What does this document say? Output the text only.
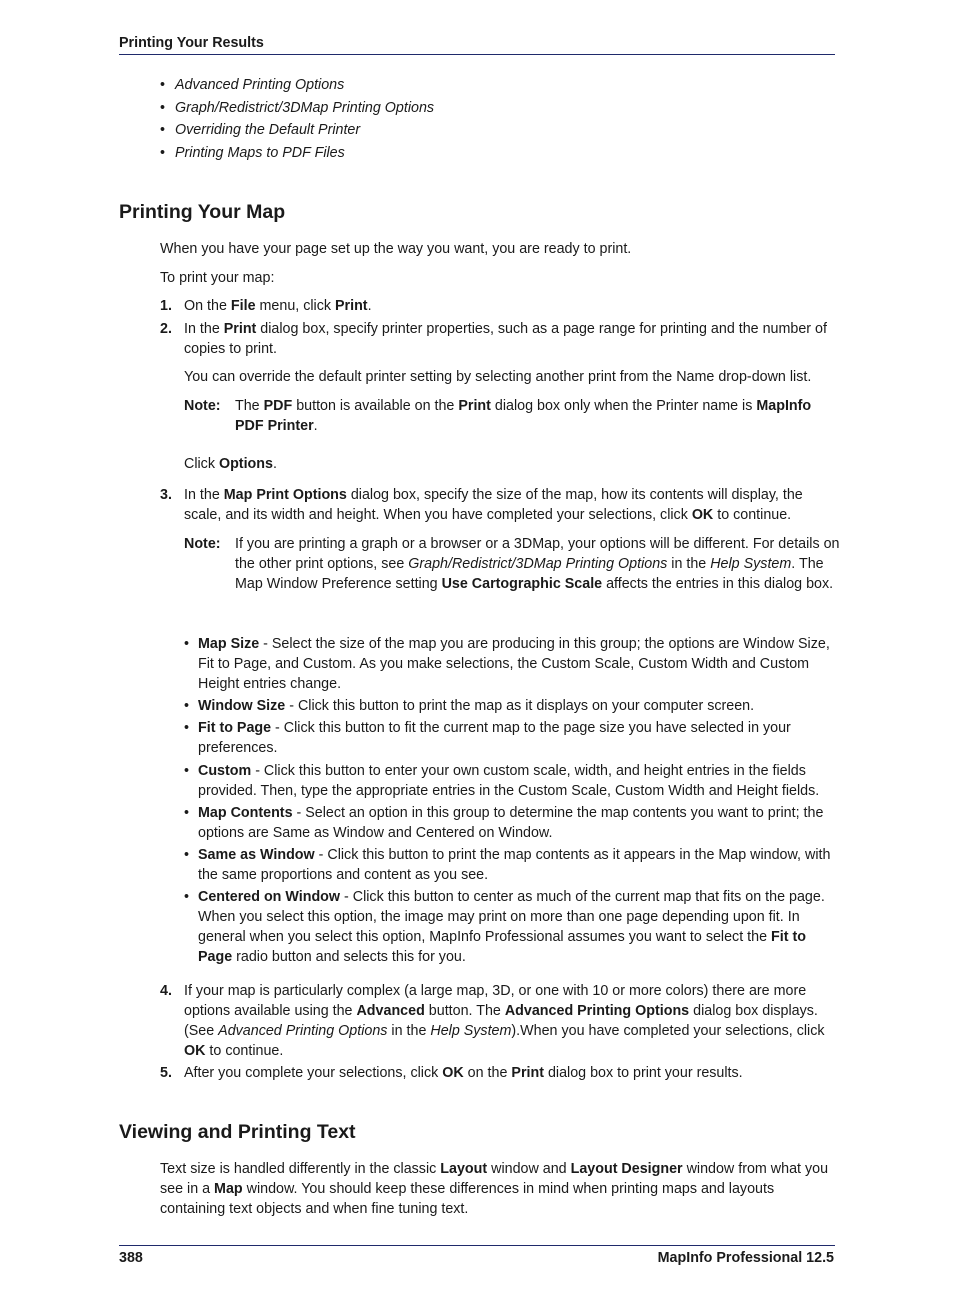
Printing Your Results
• Advanced Printing Options
• Graph/Redistrict/3DMap Printing Options
• Overriding the Default Printer
• Printing Maps to PDF Files
Printing Your Map
When you have your page set up the way you want, you are ready to print.
To print your map:
1. On the File menu, click Print.
2. In the Print dialog box, specify printer properties, such as a page range for printing and the number of copies to print.
You can override the default printer setting by selecting another print from the Name drop-down list.
Note: The PDF button is available on the Print dialog box only when the Printer name is MapInfo PDF Printer.
Click Options.
3. In the Map Print Options dialog box, specify the size of the map, how its contents will display, the scale, and its width and height. When you have completed your selections, click OK to continue.
Note: If you are printing a graph or a browser or a 3DMap, your options will be different. For details on the other print options, see Graph/Redistrict/3DMap Printing Options in the Help System. The Map Window Preference setting Use Cartographic Scale affects the entries in this dialog box.
• Map Size - Select the size of the map you are producing in this group; the options are Window Size, Fit to Page, and Custom. As you make selections, the Custom Scale, Custom Width and Custom Height entries change.
• Window Size - Click this button to print the map as it displays on your computer screen.
• Fit to Page - Click this button to fit the current map to the page size you have selected in your preferences.
• Custom - Click this button to enter your own custom scale, width, and height entries in the fields provided. Then, type the appropriate entries in the Custom Scale, Custom Width and Height fields.
• Map Contents - Select an option in this group to determine the map contents you want to print; the options are Same as Window and Centered on Window.
• Same as Window - Click this button to print the map contents as it appears in the Map window, with the same proportions and content as you see.
• Centered on Window - Click this button to center as much of the current map that fits on the page. When you select this option, the image may print on more than one page depending upon fit. In general when you select this option, MapInfo Professional assumes you want to select the Fit to Page radio button and selects this for you.
4. If your map is particularly complex (a large map, 3D, or one with 10 or more colors) there are more options available using the Advanced button. The Advanced Printing Options dialog box displays. (See Advanced Printing Options in the Help System).When you have completed your selections, click OK to continue.
5. After you complete your selections, click OK on the Print dialog box to print your results.
Viewing and Printing Text
Text size is handled differently in the classic Layout window and Layout Designer window from what you see in a Map window. You should keep these differences in mind when printing maps and layouts containing text objects and when fine tuning text.
388	MapInfo Professional 12.5
